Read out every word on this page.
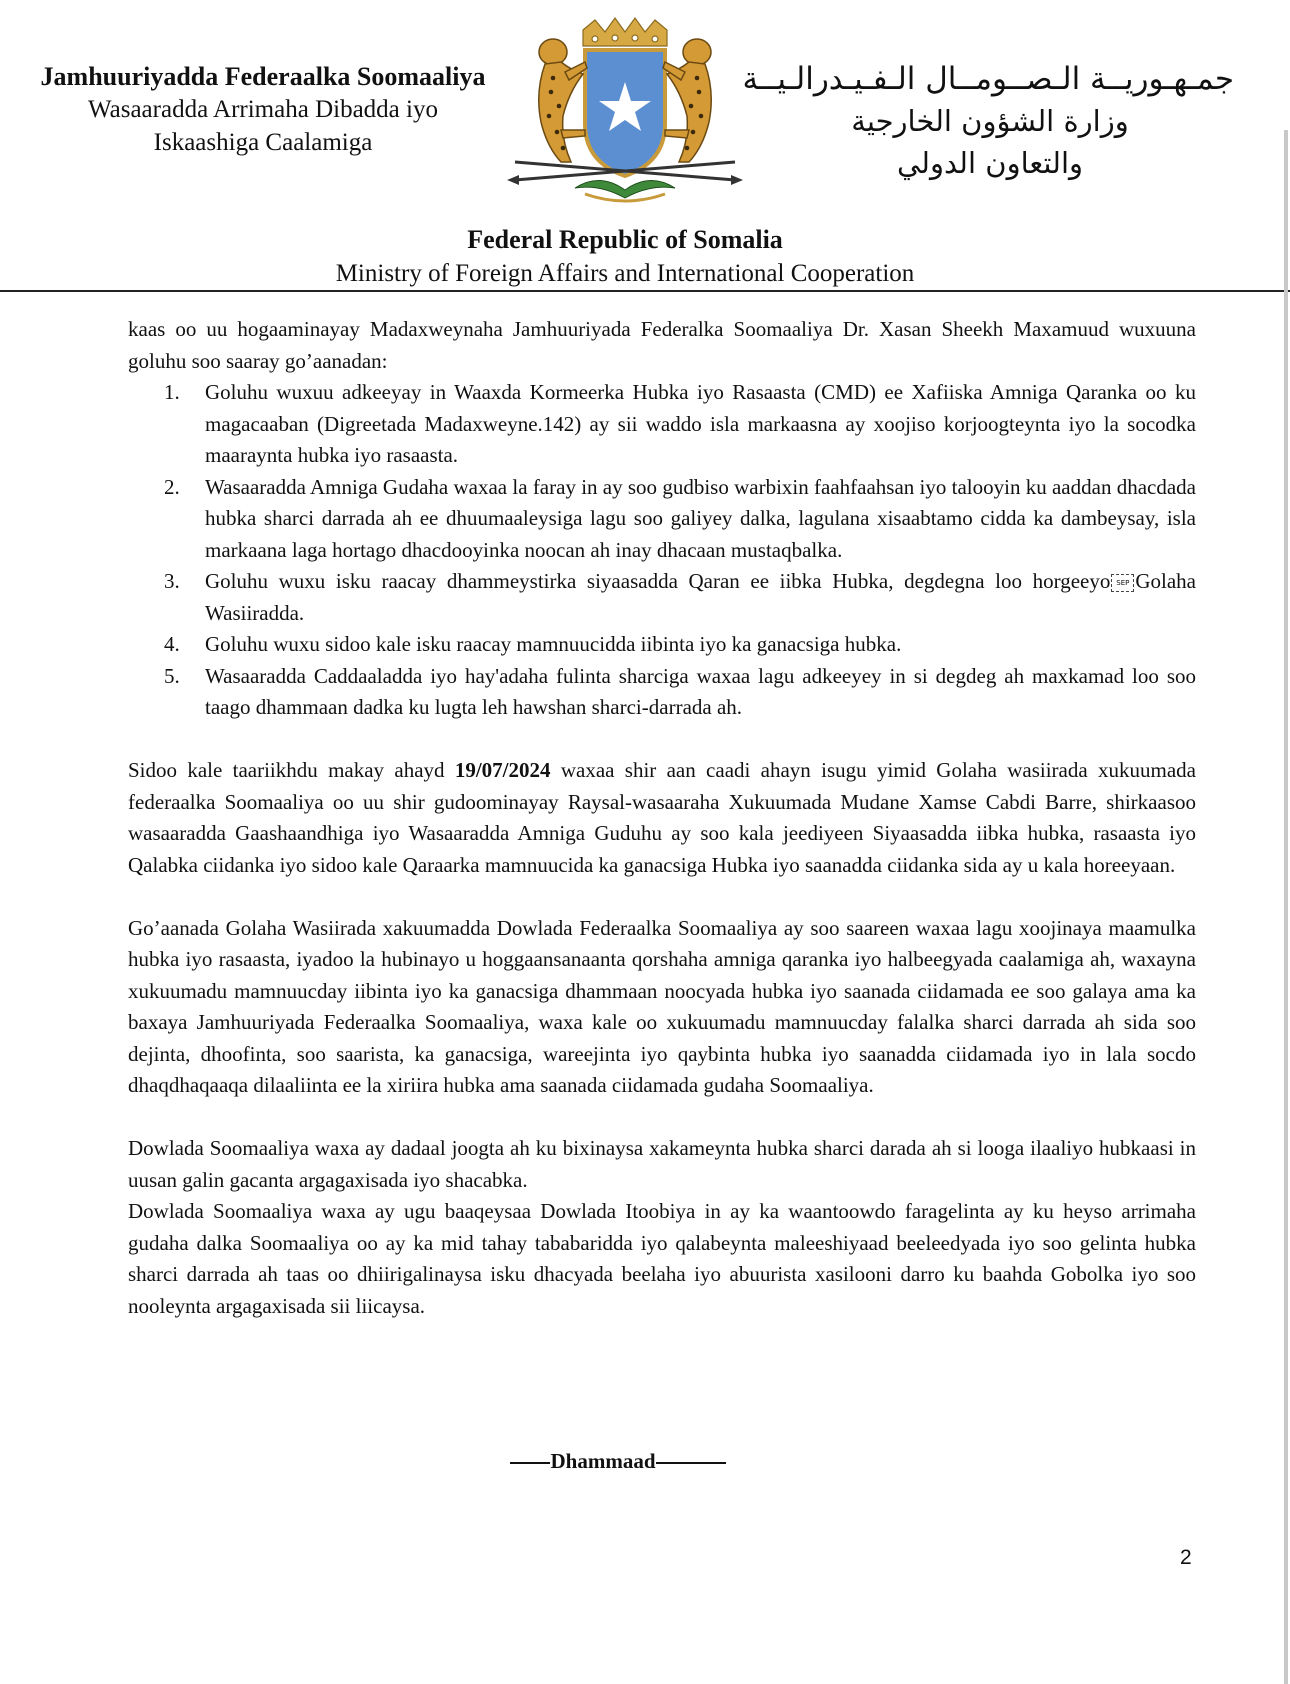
Jamhuuriyadda Federaalka Soomaaliya
Wasaaradda Arrimaha Dibadda iyo
Iskaashiga Caalamiga
جمـهـوريــة الـصــومــال الـفـيـدرالـيــة
وزارة الشؤون الخارجية
والتعاون الدولي
Federal Republic of Somalia
Ministry of Foreign Affairs and International Cooperation

kaas oo uu hogaaminayay Madaxweynaha Jamhuuriyada Federalka Soomaaliya Dr. Xasan Sheekh Maxamuud wuxuuna goluhu soo saaray go’aanadan:

1. Goluhu wuxuu adkeeyay in Waaxda Kormeerka Hubka iyo Rasaasta (CMD) ee Xafiiska Amniga Qaranka oo ku magacaaban (Digreetada Madaxweyne.142) ay sii waddo isla markaasna ay xoojiso korjoogteynta iyo la socodka maaraynta hubka iyo rasaasta.
2. Wasaaradda Amniga Gudaha waxaa la faray in ay soo gudbiso warbixin faahfaahsan iyo talooyin ku aaddan dhacdada hubka sharci darrada ah ee dhuumaaleysiga lagu soo galiyey dalka, lagulana xisaabtamo cidda ka dambeysay, isla markaana laga hortago dhacdooyinka noocan ah inay dhacaan mustaqbalka.
3. Goluhu wuxu isku raacay dhammeystirka siyaasadda Qaran ee iibka Hubka, degdegna loo horgeeyo SEP Golaha Wasiiradda.
4. Goluhu wuxu sidoo kale isku raacay mamnuucidda iibinta iyo ka ganacsiga hubka.
5. Wasaaradda Caddaaladda iyo hay'adaha fulinta sharciga waxaa lagu adkeeyey in si degdeg ah maxkamad loo soo taago dhammaan dadka ku lugta leh hawshan sharci-darrada ah.

Sidoo kale taariikhdu makay ahayd 19/07/2024 waxaa shir aan caadi ahayn isugu yimid Golaha wasiirada xukuumada federaalka Soomaaliya oo uu shir gudoominayay Raysal-wasaaraha Xukuumada Mudane Xamse Cabdi Barre, shirkaasoo wasaaradda Gaashaandhiga iyo Wasaaradda Amniga Guduhu ay soo kala jeediyeen Siyaasadda iibka hubka, rasaasta iyo Qalabka ciidanka iyo sidoo kale Qaraarka mamnuucida ka ganacsiga Hubka iyo saanadda ciidanka sida ay u kala horeeyaan.

Go’aanada Golaha Wasiirada xakuumadda Dowlada Federaalka Soomaaliya ay soo saareen waxaa lagu xoojinaya maamulka hubka iyo rasaasta, iyadoo la hubinayo u hoggaansanaanta qorshaha amniga qaranka iyo halbeegyada caalamiga ah, waxayna xukuumadu mamnuucday iibinta iyo ka ganacsiga dhammaan noocyada hubka iyo saanada ciidamada ee soo galaya ama ka baxaya Jamhuuriyada Federaalka Soomaaliya, waxa kale oo xukuumadu mamnuucday falalka sharci darrada ah sida soo dejinta, dhoofinta, soo saarista, ka ganacsiga, wareejinta iyo qaybinta hubka iyo saanadda ciidamada iyo in lala socdo dhaqdhaqaaqa dilaaliinta ee la xiriira hubka ama saanada ciidamada gudaha Soomaaliya.

Dowlada Soomaaliya waxa ay dadaal joogta ah ku bixinaysa xakameynta hubka sharci darada ah si looga ilaaliyo hubkaasi in uusan galin gacanta argagaxisada iyo shacabka.

Dowlada Soomaaliya waxa ay ugu baaqeysaa Dowlada Itoobiya in ay ka waantoowdo faragelinta ay ku heyso arrimaha gudaha dalka Soomaaliya oo ay ka mid tahay tababaridda iyo qalabeynta maleeshiyaad beeleedyada iyo soo gelinta hubka sharci darrada ah taas oo dhiirigalinaysa isku dhacyada beelaha iyo abuurista xasilooni darro ku baahda Gobolka iyo soo nooleynta argagaxisada sii liicaysa.

Dhammaad
2
